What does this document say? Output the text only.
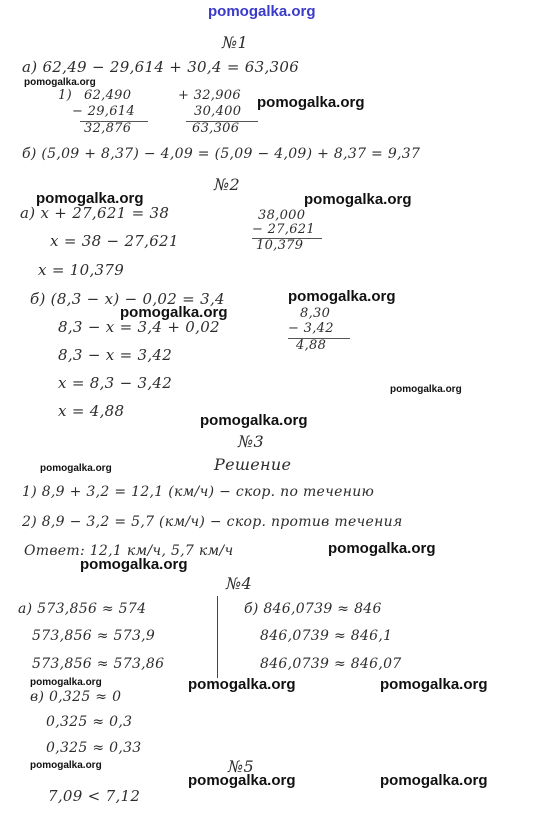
pomogalka.org
№1
а) 62,49 − 29,614 + 30,4 = 63,306
pomogalka.org
1) 62,490
− 29,614
32,876
+ 32,906
30,400
63,306
pomogalka.org
б) (5,09 + 8,37) − 4,09 = (5,09 − 4,09) + 8,37 = 9,37
pomogalka.org
№2
pomogalka.org
а) x + 27,621 = 38
x = 38 − 27,621
x = 10,379
38,000
− 27,621
10,379
б) (8,3 − x) − 0,02 = 3,4	pomogalka.org
pomogalka.org
8,3 − x = 3,4 + 0,02
8,30
− 3,42
4,88
8,3 − x = 3,42
x = 8,3 − 3,42	pomogalka.org
x = 4,88
pomogalka.org
№3
Решение
pomogalka.org
1) 8,9 + 3,2 = 12,1 (км/ч) − скор. по течению
2) 8,9 − 3,2 = 5,7 (км/ч) − скор. против течения
Ответ: 12,1 км/ч, 5,7 км/ч	pomogalka.org
pomogalka.org
№4
а) 573,856 ≈ 574
573,856 ≈ 573,9
573,856 ≈ 573,86
б) 846,0739 ≈ 846
846,0739 ≈ 846,1
846,0739 ≈ 846,07
pomogalka.org	pomogalka.org	pomogalka.org
в) 0,325 ≈ 0
0,325 ≈ 0,3
0,325 ≈ 0,33
pomogalka.org	№5
pomogalka.org	pomogalka.org
7,09 < 7,12
